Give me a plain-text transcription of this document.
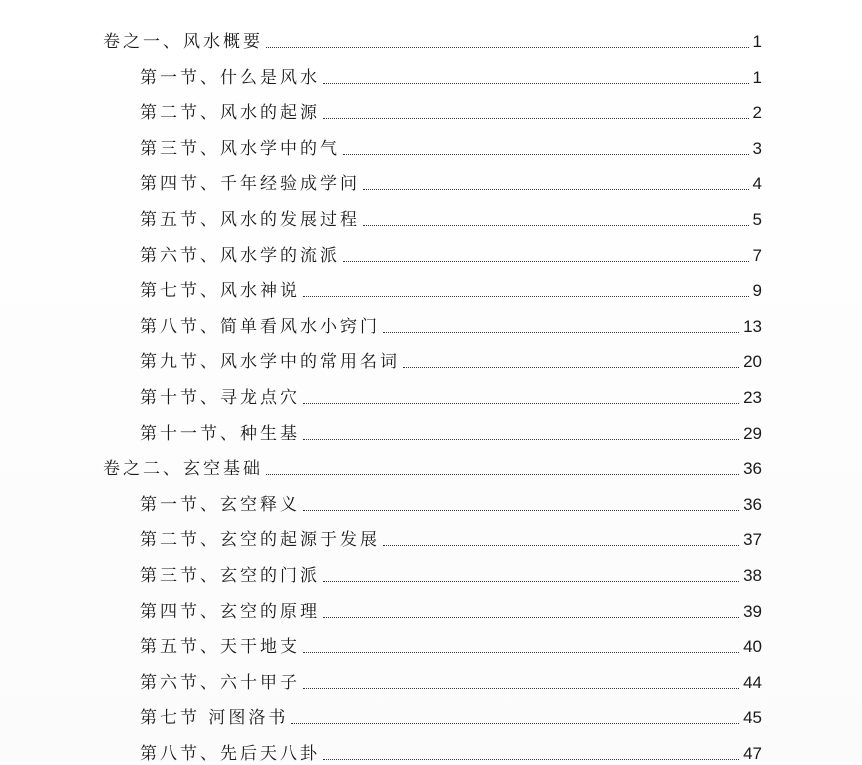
卷之一、风水概要	1
第一节、什么是风水	1
第二节、风水的起源	2
第三节、风水学中的气	3
第四节、千年经验成学问	4
第五节、风水的发展过程	5
第六节、风水学的流派	7
第七节、风水神说	9
第八节、简单看风水小窍门	13
第九节、风水学中的常用名词	20
第十节、寻龙点穴	23
第十一节、种生基	29
卷之二、玄空基础	36
第一节、玄空释义	36
第二节、玄空的起源于发展	37
第三节、玄空的门派	38
第四节、玄空的原理	39
第五节、天干地支	40
第六节、六十甲子	44
第七节 河图洛书	45
第八节、先后天八卦	47
